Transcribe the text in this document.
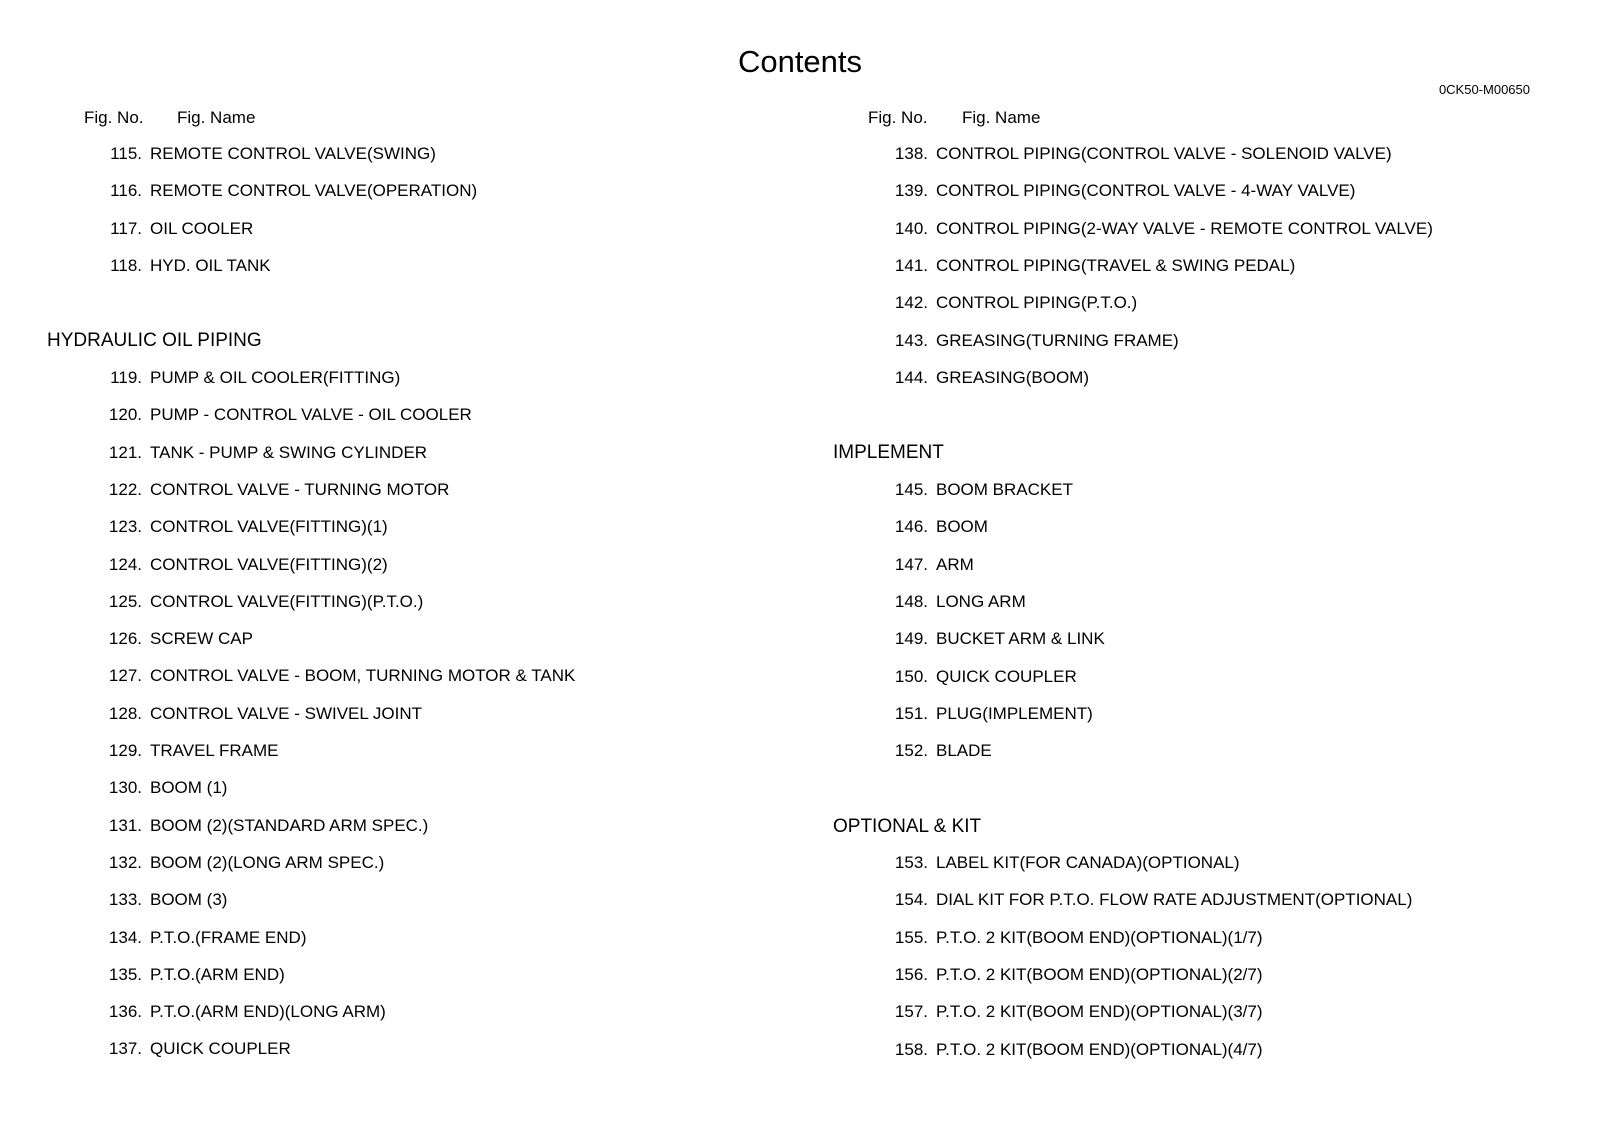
Contents
0CK50-M00650
Fig. No. Fig. Name
HYDRAULIC OIL PIPING
115. REMOTE CONTROL VALVE(SWING)
116. REMOTE CONTROL VALVE(OPERATION)
117. OIL COOLER
118. HYD. OIL TANK
119. PUMP & OIL COOLER(FITTING)
120. PUMP - CONTROL VALVE - OIL COOLER
121. TANK - PUMP & SWING CYLINDER
122. CONTROL VALVE - TURNING MOTOR
123. CONTROL VALVE(FITTING)(1)
124. CONTROL VALVE(FITTING)(2)
125. CONTROL VALVE(FITTING)(P.T.O.)
126. SCREW CAP
127. CONTROL VALVE - BOOM, TURNING MOTOR & TANK
128. CONTROL VALVE - SWIVEL JOINT
129. TRAVEL FRAME
130. BOOM (1)
131. BOOM (2)(STANDARD ARM SPEC.)
132. BOOM (2)(LONG ARM SPEC.)
133. BOOM (3)
134. P.T.O.(FRAME END)
135. P.T.O.(ARM END)
136. P.T.O.(ARM END)(LONG ARM)
137. QUICK COUPLER
Fig. No. Fig. Name
IMPLEMENT
OPTIONAL & KIT
138. CONTROL PIPING(CONTROL VALVE - SOLENOID VALVE)
139. CONTROL PIPING(CONTROL VALVE - 4-WAY VALVE)
140. CONTROL PIPING(2-WAY VALVE - REMOTE CONTROL VALVE)
141. CONTROL PIPING(TRAVEL & SWING PEDAL)
142. CONTROL PIPING(P.T.O.)
143. GREASING(TURNING FRAME)
144. GREASING(BOOM)
145. BOOM BRACKET
146. BOOM
147. ARM
148. LONG ARM
149. BUCKET ARM & LINK
150. QUICK COUPLER
151. PLUG(IMPLEMENT)
152. BLADE
153. LABEL KIT(FOR CANADA)(OPTIONAL)
154. DIAL KIT FOR P.T.O. FLOW RATE ADJUSTMENT(OPTIONAL)
155. P.T.O. 2 KIT(BOOM END)(OPTIONAL)(1/7)
156. P.T.O. 2 KIT(BOOM END)(OPTIONAL)(2/7)
157. P.T.O. 2 KIT(BOOM END)(OPTIONAL)(3/7)
158. P.T.O. 2 KIT(BOOM END)(OPTIONAL)(4/7)
